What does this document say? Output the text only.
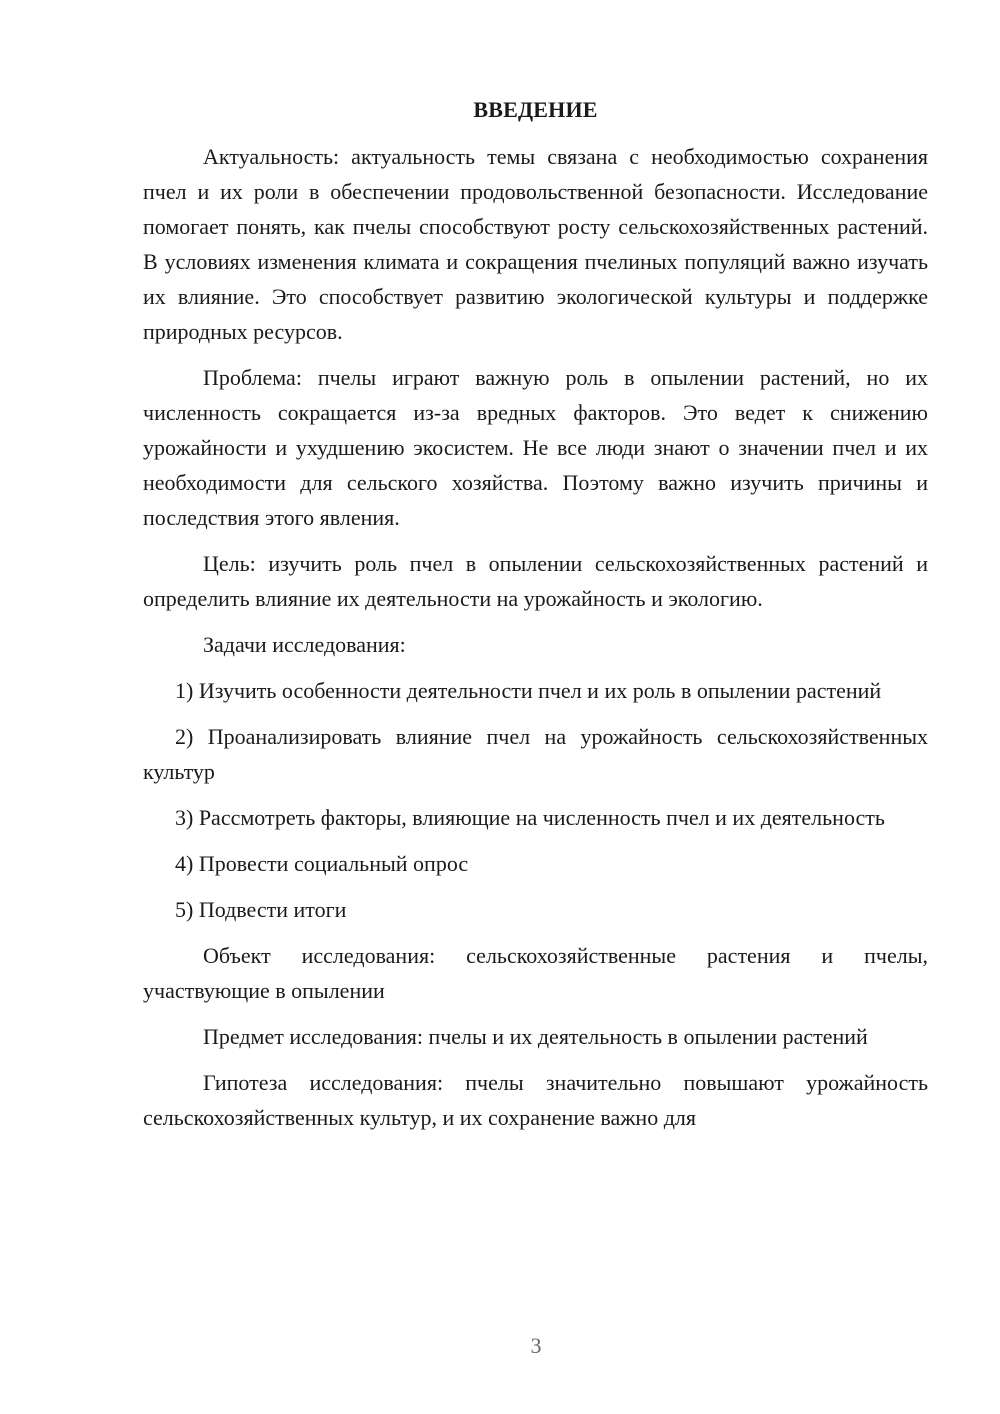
ВВЕДЕНИЕ

Актуальность: актуальность темы связана с необходимостью сохранения пчел и их роли в обеспечении продовольственной безопасности. Исследование помогает понять, как пчелы способствуют росту сельскохозяйственных растений. В условиях изменения климата и сокращения пчелиных популяций важно изучать их влияние. Это способствует развитию экологической культуры и поддержке природных ресурсов.

Проблема: пчелы играют важную роль в опылении растений, но их численность сокращается из-за вредных факторов. Это ведет к снижению урожайности и ухудшению экосистем. Не все люди знают о значении пчел и их необходимости для сельского хозяйства. Поэтому важно изучить причины и последствия этого явления.

Цель: изучить роль пчел в опылении сельскохозяйственных растений и определить влияние их деятельности на урожайность и экологию.

Задачи исследования:

1) Изучить особенности деятельности пчел и их роль в опылении растений

2) Проанализировать влияние пчел на урожайность сельскохозяйственных культур

3) Рассмотреть факторы, влияющие на численность пчел и их деятельность

4) Провести социальный опрос

5) Подвести итоги

Объект исследования: сельскохозяйственные растения и пчелы, участвующие в опылении

Предмет исследования: пчелы и их деятельность в опылении растений

Гипотеза исследования: пчелы значительно повышают урожайность сельскохозяйственных культур, и их сохранение важно для

3
